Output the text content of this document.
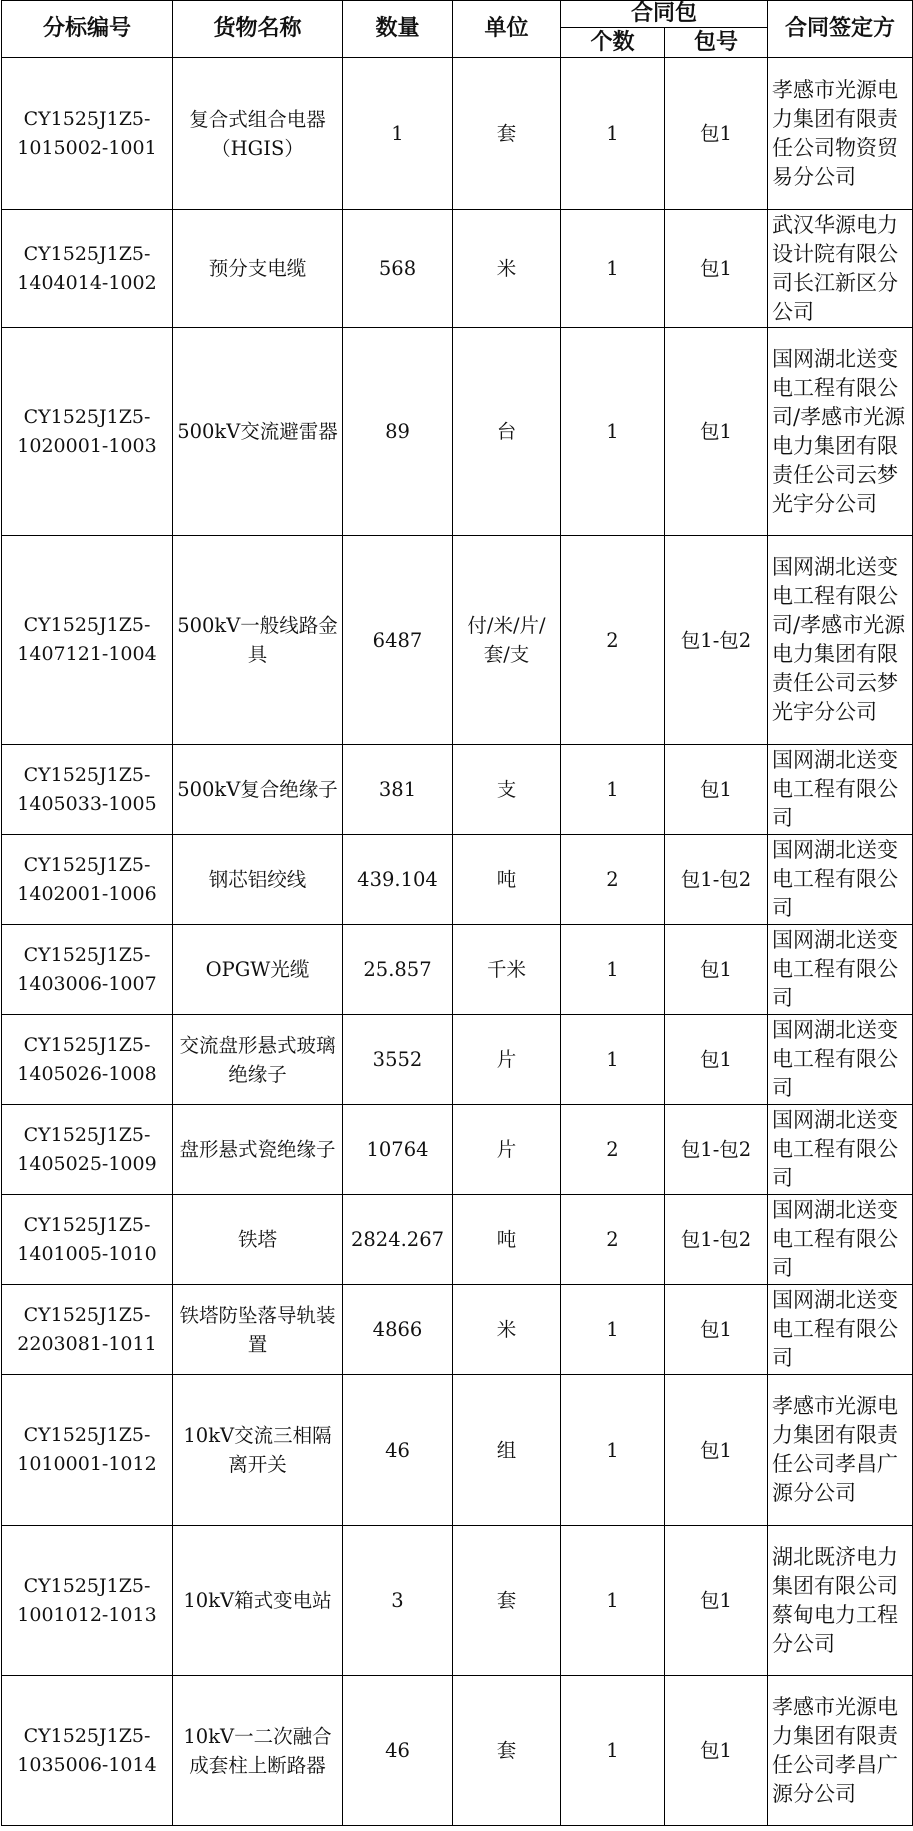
分标编号	货物名称	数量	单位	合同包		合同签定方
				个数	包号	

CY1525J1Z5-
1015002-1001	复合式组合电器（HGIS）	1	套	1	包1	孝感市光源电力集团有限责任公司物资贸易分公司

CY1525J1Z5-
1404014-1002	预分支电缆	568	米	1	包1	武汉华源电力设计院有限公司长江新区分公司

CY1525J1Z5-
1020001-1003	500kV交流避雷器	89	台	1	包1	国网湖北送变电工程有限公司/孝感市光源电力集团有限责任公司云梦光宇分公司

CY1525J1Z5-
1407121-1004	500kV一般线路金具	6487	付/米/片/套/支	2	包1-包2	国网湖北送变电工程有限公司/孝感市光源电力集团有限责任公司云梦光宇分公司

CY1525J1Z5-
1405033-1005	500kV复合绝缘子	381	支	1	包1	国网湖北送变电工程有限公司

CY1525J1Z5-
1402001-1006	钢芯铝绞线	439.104	吨	2	包1-包2	国网湖北送变电工程有限公司

CY1525J1Z5-
1403006-1007	OPGW光缆	25.857	千米	1	包1	国网湖北送变电工程有限公司

CY1525J1Z5-
1405026-1008	交流盘形悬式玻璃绝缘子	3552	片	1	包1	国网湖北送变电工程有限公司

CY1525J1Z5-
1405025-1009	盘形悬式瓷绝缘子	10764	片	2	包1-包2	国网湖北送变电工程有限公司

CY1525J1Z5-
1401005-1010	铁塔	2824.267	吨	2	包1-包2	国网湖北送变电工程有限公司

CY1525J1Z5-
2203081-1011	铁塔防坠落导轨装置	4866	米	1	包1	国网湖北送变电工程有限公司

CY1525J1Z5-
1010001-1012	10kV交流三相隔离开关	46	组	1	包1	孝感市光源电力集团有限责任公司孝昌广源分公司

CY1525J1Z5-
1001012-1013	10kV箱式变电站	3	套	1	包1	湖北既济电力集团有限公司蔡甸电力工程分公司

CY1525J1Z5-
1035006-1014	10kV一二次融合成套柱上断路器	46	套	1	包1	孝感市光源电力集团有限责任公司孝昌广源分公司
